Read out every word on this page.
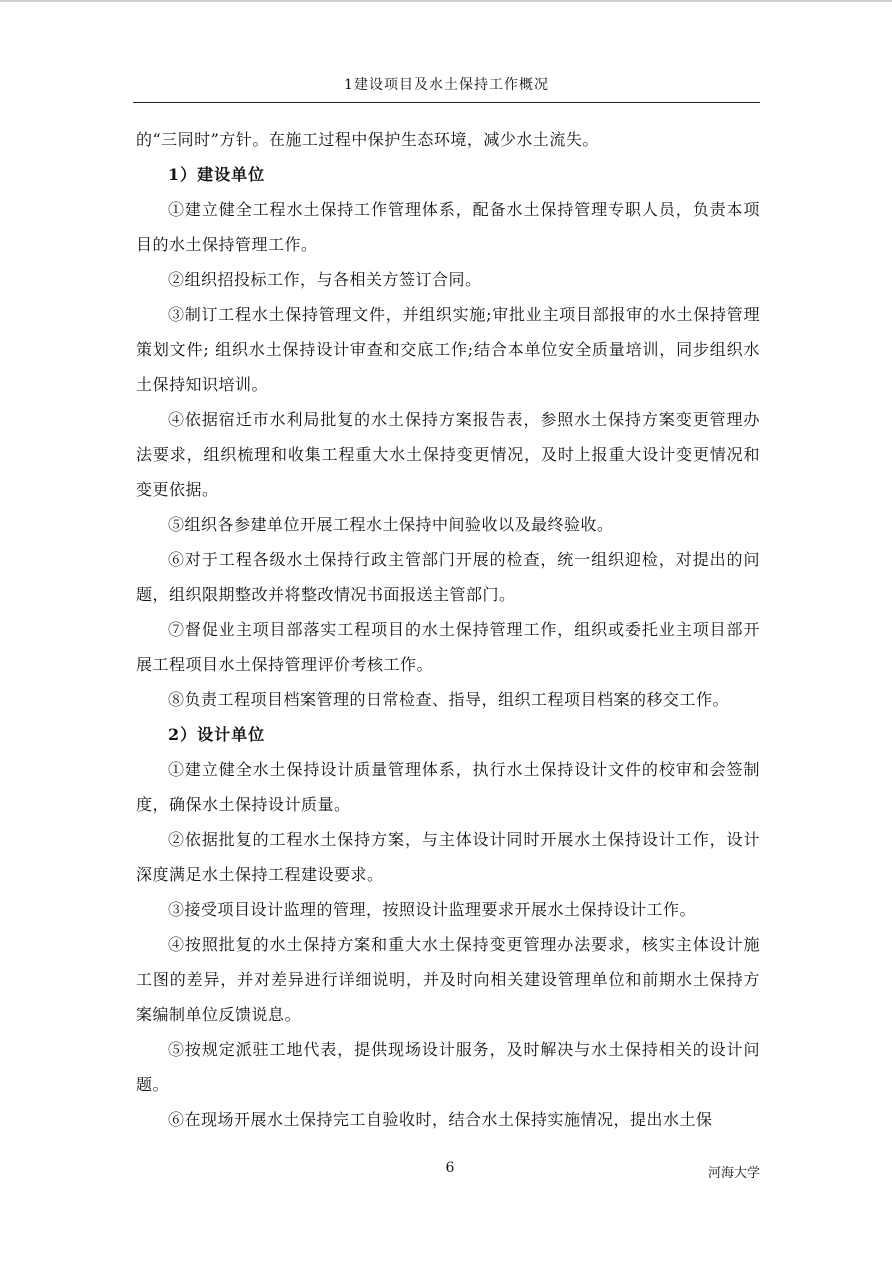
1建设项目及水土保持工作概况

的“三同时”方针。在施工过程中保护生态环境，减少水土流失。

1）建设单位

①建立健全工程水土保持工作管理体系，配备水土保持管理专职人员，负责本项目的水土保持管理工作。

②组织招投标工作，与各相关方签订合同。

③制订工程水土保持管理文件，并组织实施;审批业主项目部报审的水土保持管理策划文件; 组织水土保持设计审查和交底工作;结合本单位安全质量培训，同步组织水土保持知识培训。

④依据宿迁市水利局批复的水土保持方案报告表，参照水土保持方案变更管理办法要求，组织梳理和收集工程重大水土保持变更情况，及时上报重大设计变更情况和变更依据。

⑤组织各参建单位开展工程水土保持中间验收以及最终验收。

⑥对于工程各级水土保持行政主管部门开展的检查，统一组织迎检，对提出的问题，组织限期整改并将整改情况书面报送主管部门。

⑦督促业主项目部落实工程项目的水土保持管理工作，组织或委托业主项目部开展工程项目水土保持管理评价考核工作。

⑧负责工程项目档案管理的日常检查、指导，组织工程项目档案的移交工作。

2）设计单位

①建立健全水土保持设计质量管理体系，执行水土保持设计文件的校审和会签制度，确保水土保持设计质量。

②依据批复的工程水土保持方案，与主体设计同时开展水土保持设计工作，设计深度满足水土保持工程建设要求。

③接受项目设计监理的管理，按照设计监理要求开展水土保持设计工作。

④按照批复的水土保持方案和重大水土保持变更管理办法要求，核实主体设计施工图的差异，并对差异进行详细说明，并及时向相关建设管理单位和前期水土保持方案编制单位反馈说息。

⑤按规定派驻工地代表，提供现场设计服务，及时解决与水土保持相关的设计问题。

⑥在现场开展水土保持完工自验收时，结合水土保持实施情况，提出水土保

6	河海大学
